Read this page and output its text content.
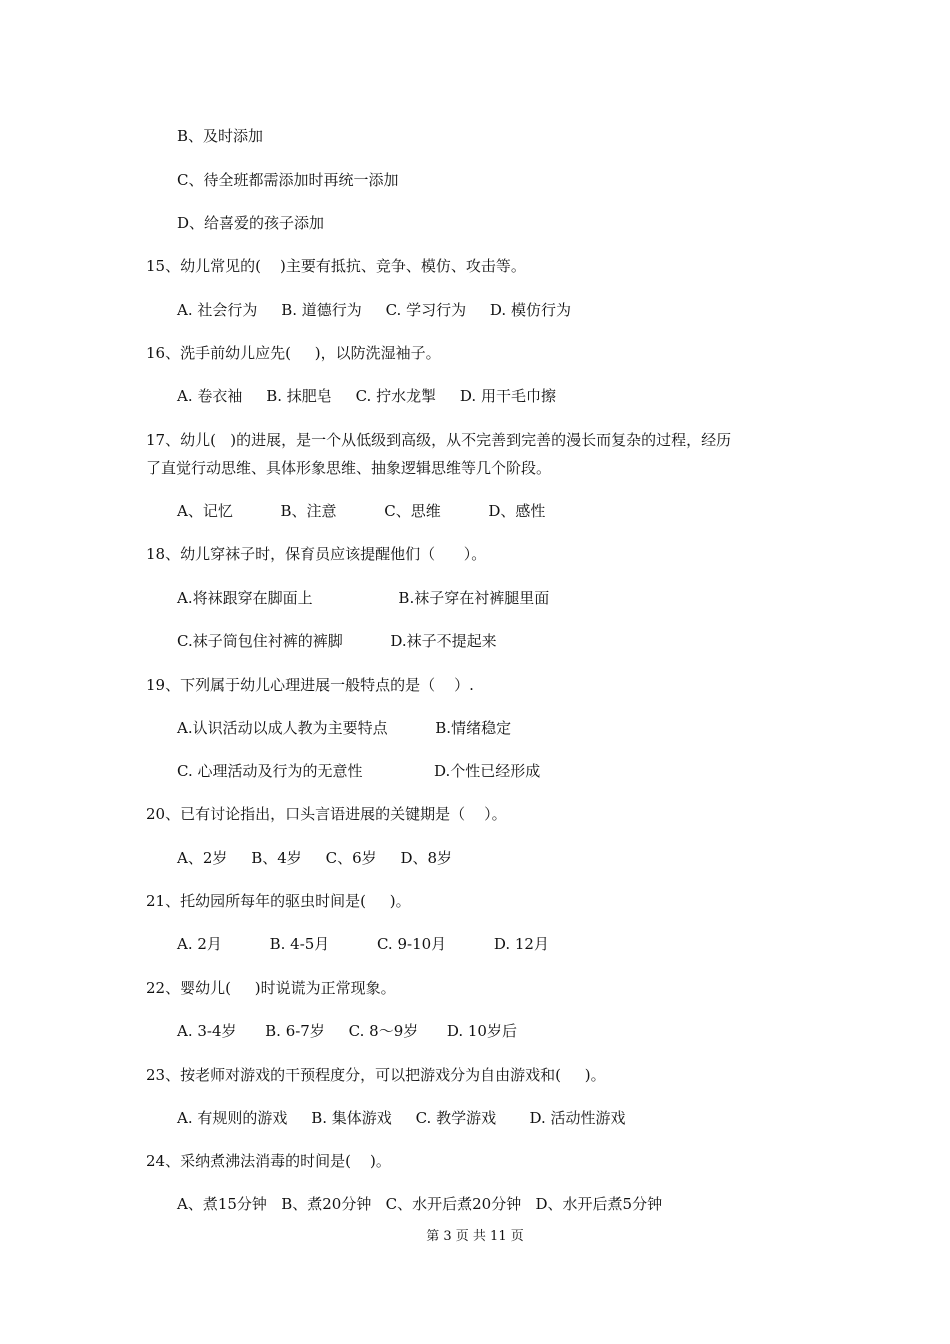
B、及时添加
C、待全班都需添加时再统一添加
D、给喜爱的孩子添加
15、幼儿常见的(    )主要有抵抗、竞争、模仿、攻击等。
A. 社会行为     B. 道德行为     C. 学习行为     D. 模仿行为
16、洗手前幼儿应先(     )，以防洗湿袖子。
A. 卷衣袖     B. 抹肥皂     C. 拧水龙掣     D. 用干毛巾擦
17、幼儿(   )的进展，是一个从低级到高级，从不完善到完善的漫长而复杂的过程，经历
了直觉行动思维、具体形象思维、抽象逻辑思维等几个阶段。
A、记忆          B、注意          C、思维          D、感性
18、幼儿穿袜子时，保育员应该提醒他们（      ）。
A.将袜跟穿在脚面上                  B.袜子穿在衬裤腿里面
C.袜子筒包住衬裤的裤脚          D.袜子不提起来
19、下列属于幼儿心理进展一般特点的是（    ）.
A.认识活动以成人教为主要特点          B.情绪稳定
C. 心理活动及行为的无意性               D.个性已经形成
20、已有讨论指出，口头言语进展的关键期是（    ）。
A、2岁     B、4岁     C、6岁     D、8岁
21、托幼园所每年的驱虫时间是(     )。
A. 2月          B. 4-5月          C. 9-10月          D. 12月
22、婴幼儿(     )时说谎为正常现象。
A. 3-4岁      B. 6-7岁     C. 8～9岁      D. 10岁后
23、按老师对游戏的干预程度分，可以把游戏分为自由游戏和(     )。
A. 有规则的游戏     B. 集体游戏     C. 教学游戏       D. 活动性游戏
24、采纳煮沸法消毒的时间是(    )。
A、煮15分钟   B、煮20分钟   C、水开后煮20分钟   D、水开后煮5分钟
第 3 页 共 11 页
